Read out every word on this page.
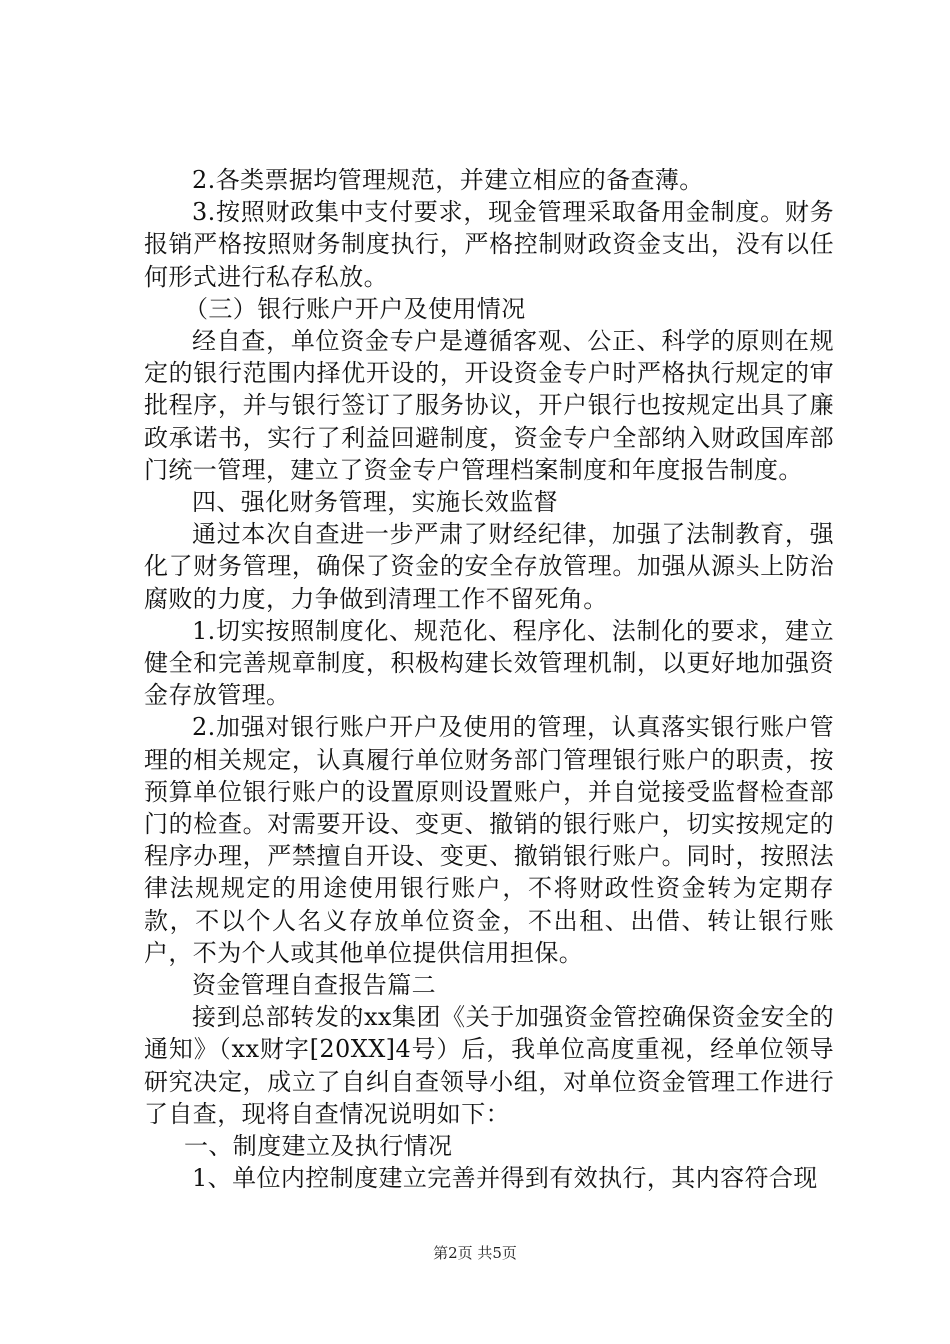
2.各类票据均管理规范，并建立相应的备查薄。

3.按照财政集中支付要求，现金管理采取备用金制度。财务报销严格按照财务制度执行，严格控制财政资金支出，没有以任何形式进行私存私放。

（三）银行账户开户及使用情况

经自查，单位资金专户是遵循客观、公正、科学的原则在规定的银行范围内择优开设的，开设资金专户时严格执行规定的审批程序，并与银行签订了服务协议，开户银行也按规定出具了廉政承诺书，实行了利益回避制度，资金专户全部纳入财政国库部门统一管理，建立了资金专户管理档案制度和年度报告制度。

四、强化财务管理，实施长效监督

通过本次自查进一步严肃了财经纪律，加强了法制教育，强化了财务管理，确保了资金的安全存放管理。加强从源头上防治腐败的力度，力争做到清理工作不留死角。

1.切实按照制度化、规范化、程序化、法制化的要求，建立健全和完善规章制度，积极构建长效管理机制，以更好地加强资金存放管理。

2.加强对银行账户开户及使用的管理，认真落实银行账户管理的相关规定，认真履行单位财务部门管理银行账户的职责，按预算单位银行账户的设置原则设置账户，并自觉接受监督检查部门的检查。对需要开设、变更、撤销的银行账户，切实按规定的程序办理，严禁擅自开设、变更、撤销银行账户。同时，按照法律法规规定的用途使用银行账户，不将财政性资金转为定期存款，不以个人名义存放单位资金，不出租、出借、转让银行账户，不为个人或其他单位提供信用担保。

资金管理自查报告篇二

接到总部转发的xx集团《关于加强资金管控确保资金安全的通知》（xx财字[20XX]4号）后，我单位高度重视，经单位领导研究决定，成立了自纠自查领导小组，对单位资金管理工作进行了自查，现将自查情况说明如下：

一、制度建立及执行情况

1、单位内控制度建立完善并得到有效执行，其内容符合现

第2页 共5页
